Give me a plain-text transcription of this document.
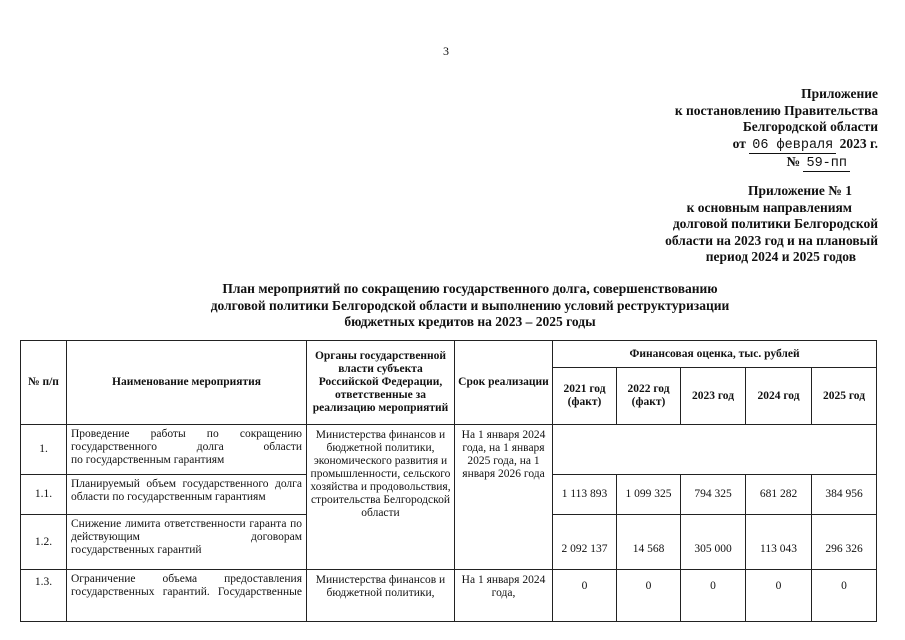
3
Приложение
к постановлению Правительства
Белгородской области
от 06 февраля 2023 г.
№ 59-пп
Приложение № 1
к основным направлениям
долговой политики Белгородской
области на 2023 год и на плановый
период 2024 и 2025 годов
План мероприятий по сокращению государственного долга, совершенствованию
долговой политики Белгородской области и выполнению условий реструктуризации
бюджетных кредитов на 2023 – 2025 годы
№ п/п	Наименование мероприятия	Органы государственной власти субъекта Российской Федерации, ответственные за реализацию мероприятий	Срок реализации	Финансовая оценка, тыс. рублей				
				2021 год (факт)	2022 год (факт)	2023 год	2024 год	2025 год
1.	Проведение работы по сокращению государственного долга области
по государственным гарантиям	Министерства финансов и бюджетной политики, экономического развития и промышленности, сельского хозяйства и продовольствия, строительства Белгородской области	На 1 января 2024 года, на 1 января 2025 года, на 1 января 2026 года					
1.1.	Планируемый объем государственного долга
области по государственным гарантиям			1 113 893	1 099 325	794 325	681 282	384 956
1.2.	Снижение лимита ответственности гаранта по действующим договорам
государственных гарантий			2 092 137	14 568	305 000	113 043	296 326
1.3.	Ограничение объема предоставления государственных гарантий. Государственные	Министерства финансов и бюджетной политики,	На 1 января 2024 года,	0	0	0	0	0
